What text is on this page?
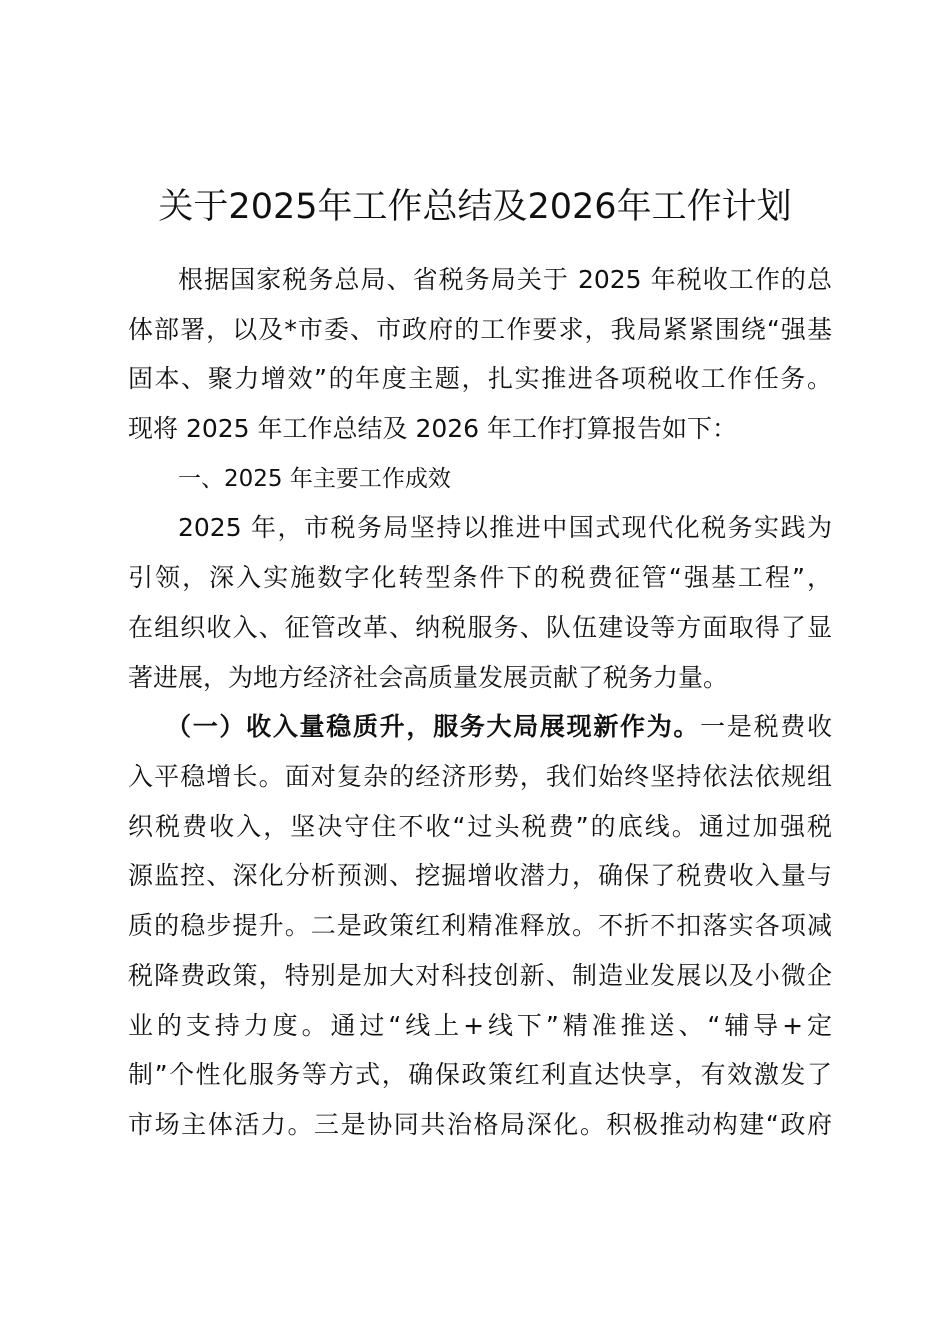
关于2025年工作总结及2026年工作计划
根据国家税务总局、省税务局关于 2025 年税收工作的总
体部署，以及*市委、市政府的工作要求，我局紧紧围绕“强基
固本、聚力增效”的年度主题，扎实推进各项税收工作任务。
现将 2025 年工作总结及 2026 年工作打算报告如下：
一、2025 年主要工作成效
2025 年，市税务局坚持以推进中国式现代化税务实践为
引领，深入实施数字化转型条件下的税费征管“强基工程”，
在组织收入、征管改革、纳税服务、队伍建设等方面取得了显
著进展，为地方经济社会高质量发展贡献了税务力量。
（一）收入量稳质升，服务大局展现新作为。一是税费收
入平稳增长。面对复杂的经济形势，我们始终坚持依法依规组
织税费收入，坚决守住不收“过头税费”的底线。通过加强税
源监控、深化分析预测、挖掘增收潜力，确保了税费收入量与
质的稳步提升。二是政策红利精准释放。不折不扣落实各项减
税降费政策，特别是加大对科技创新、制造业发展以及小微企
业的支持力度。通过“线上+线下”精准推送、“辅导+定
制”个性化服务等方式，确保政策红利直达快享，有效激发了
市场主体活力。三是协同共治格局深化。积极推动构建“政府
